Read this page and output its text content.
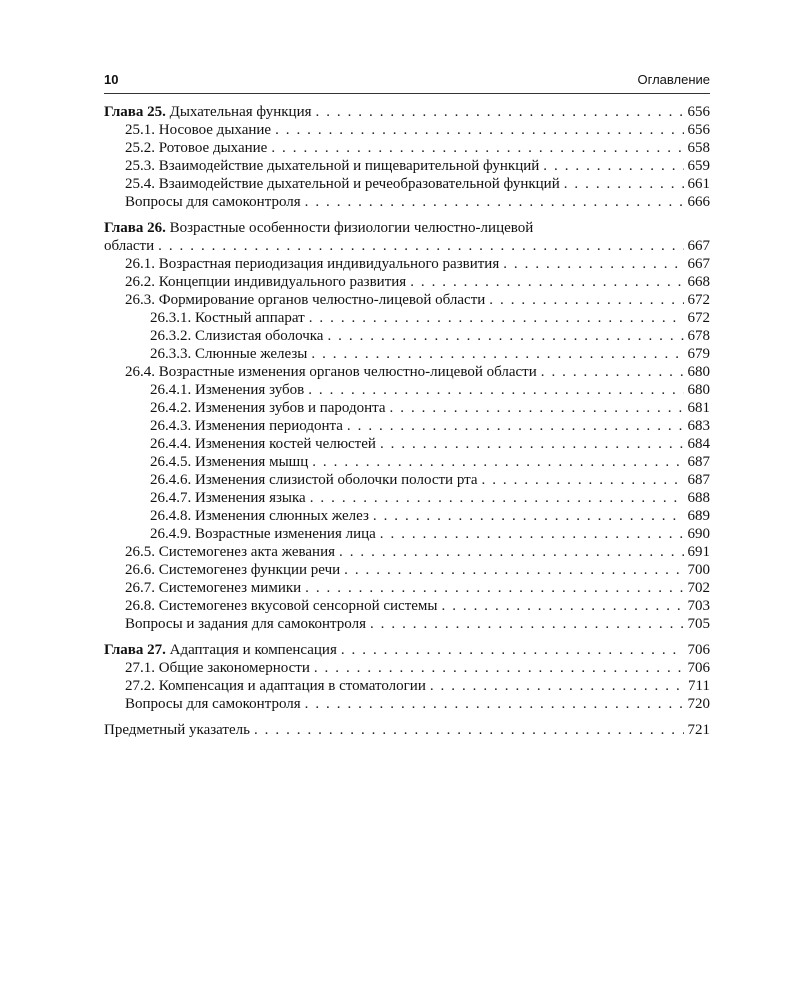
10	Оглавление
Глава 25. Дыхательная функция . . .	656
25.1. Носовое дыхание . . .	656
25.2. Ротовое дыхание . . .	658
25.3. Взаимодействие дыхательной и пищеварительной функций . . .	659
25.4. Взаимодействие дыхательной и речеобразовательной функций . . .	661
Вопросы для самоконтроля . . .	666
Глава 26. Возрастные особенности физиологии челюстно-лицевой
области . . .	667
26.1. Возрастная периодизация индивидуального развития . . .	667
26.2. Концепции индивидуального развития . . .	668
26.3. Формирование органов челюстно-лицевой области . . .	672
26.3.1. Костный аппарат . . .	672
26.3.2. Слизистая оболочка . . .	678
26.3.3. Слюнные железы . . .	679
26.4. Возрастные изменения органов челюстно-лицевой области . . .	680
26.4.1. Изменения зубов . . .	680
26.4.2. Изменения зубов и пародонта . . .	681
26.4.3. Изменения периодонта . . .	683
26.4.4. Изменения костей челюстей . . .	684
26.4.5. Изменения мышц . . .	687
26.4.6. Изменения слизистой оболочки полости рта . . .	687
26.4.7. Изменения языка . . .	688
26.4.8. Изменения слюнных желез . . .	689
26.4.9. Возрастные изменения лица . . .	690
26.5. Системогенез акта жевания . . .	691
26.6. Системогенез функции речи . . .	700
26.7. Системогенез мимики . . .	702
26.8. Системогенез вкусовой сенсорной системы . . .	703
Вопросы и задания для самоконтроля . . .	705
Глава 27. Адаптация и компенсация . . .	706
27.1. Общие закономерности . . .	706
27.2. Компенсация и адаптация в стоматологии . . .	711
Вопросы для самоконтроля . . .	720
Предметный указатель . . .	721
